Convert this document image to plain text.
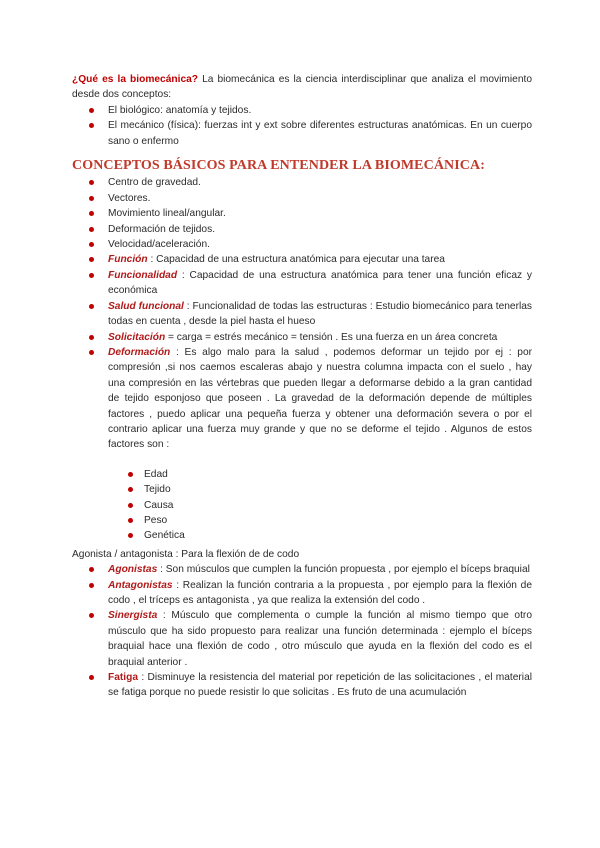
¿Qué es la biomecánica? La biomecánica es la ciencia interdisciplinar que analiza el movimiento desde dos conceptos:

El biológico: anatomía y tejidos.
El mecánico (física): fuerzas int y ext sobre diferentes estructuras anatómicas. En un cuerpo sano o enfermo
CONCEPTOS BÁSICOS PARA ENTENDER LA BIOMECÁNICA:
Centro de gravedad.
Vectores.
Movimiento lineal/angular.
Deformación de tejidos.
Velocidad/aceleración.
Función : Capacidad de una estructura anatómica para ejecutar una tarea
Funcionalidad : Capacidad de una estructura anatómica para tener una función eficaz y económica
Salud funcional : Funcionalidad de todas las estructuras : Estudio biomecánico para tenerlas todas en cuenta , desde la piel hasta el hueso
Solicitación = carga = estrés mecánico = tensión . Es una fuerza en un área concreta
Deformación : Es algo malo para la salud , podemos deformar un tejido por ej : por compresión ,si nos caemos escaleras abajo y nuestra columna impacta con el suelo , hay una compresión en las vértebras que pueden llegar a deformarse debido a la gran cantidad de tejido esponjoso que poseen . La gravedad de la deformación depende de múltiples factores , puedo aplicar una pequeña fuerza y obtener una deformación severa o por el contrario aplicar una fuerza muy grande y que no se deforme el tejido . Algunos de estos factores son :
Edad
Tejido
Causa
Peso
Genética

Agonista / antagonista : Para la flexión de de codo

Agonistas : Son músculos que cumplen la función propuesta , por ejemplo el bíceps braquial
Antagonistas : Realizan la función contraria a la propuesta , por ejemplo para la flexión de codo , el tríceps es antagonista , ya que realiza la extensión del codo .
Sinergista : Músculo que complementa o cumple la función al mismo tiempo que otro músculo que ha sido propuesto para realizar una función determinada : ejemplo el bíceps braquial hace una flexión de codo , otro músculo que ayuda en la flexión del codo es el braquial anterior .
Fatiga : Disminuye la resistencia del material por repetición de las solicitaciones , el material se fatiga porque no puede resistir lo que solicitas . Es fruto de una acumulación
